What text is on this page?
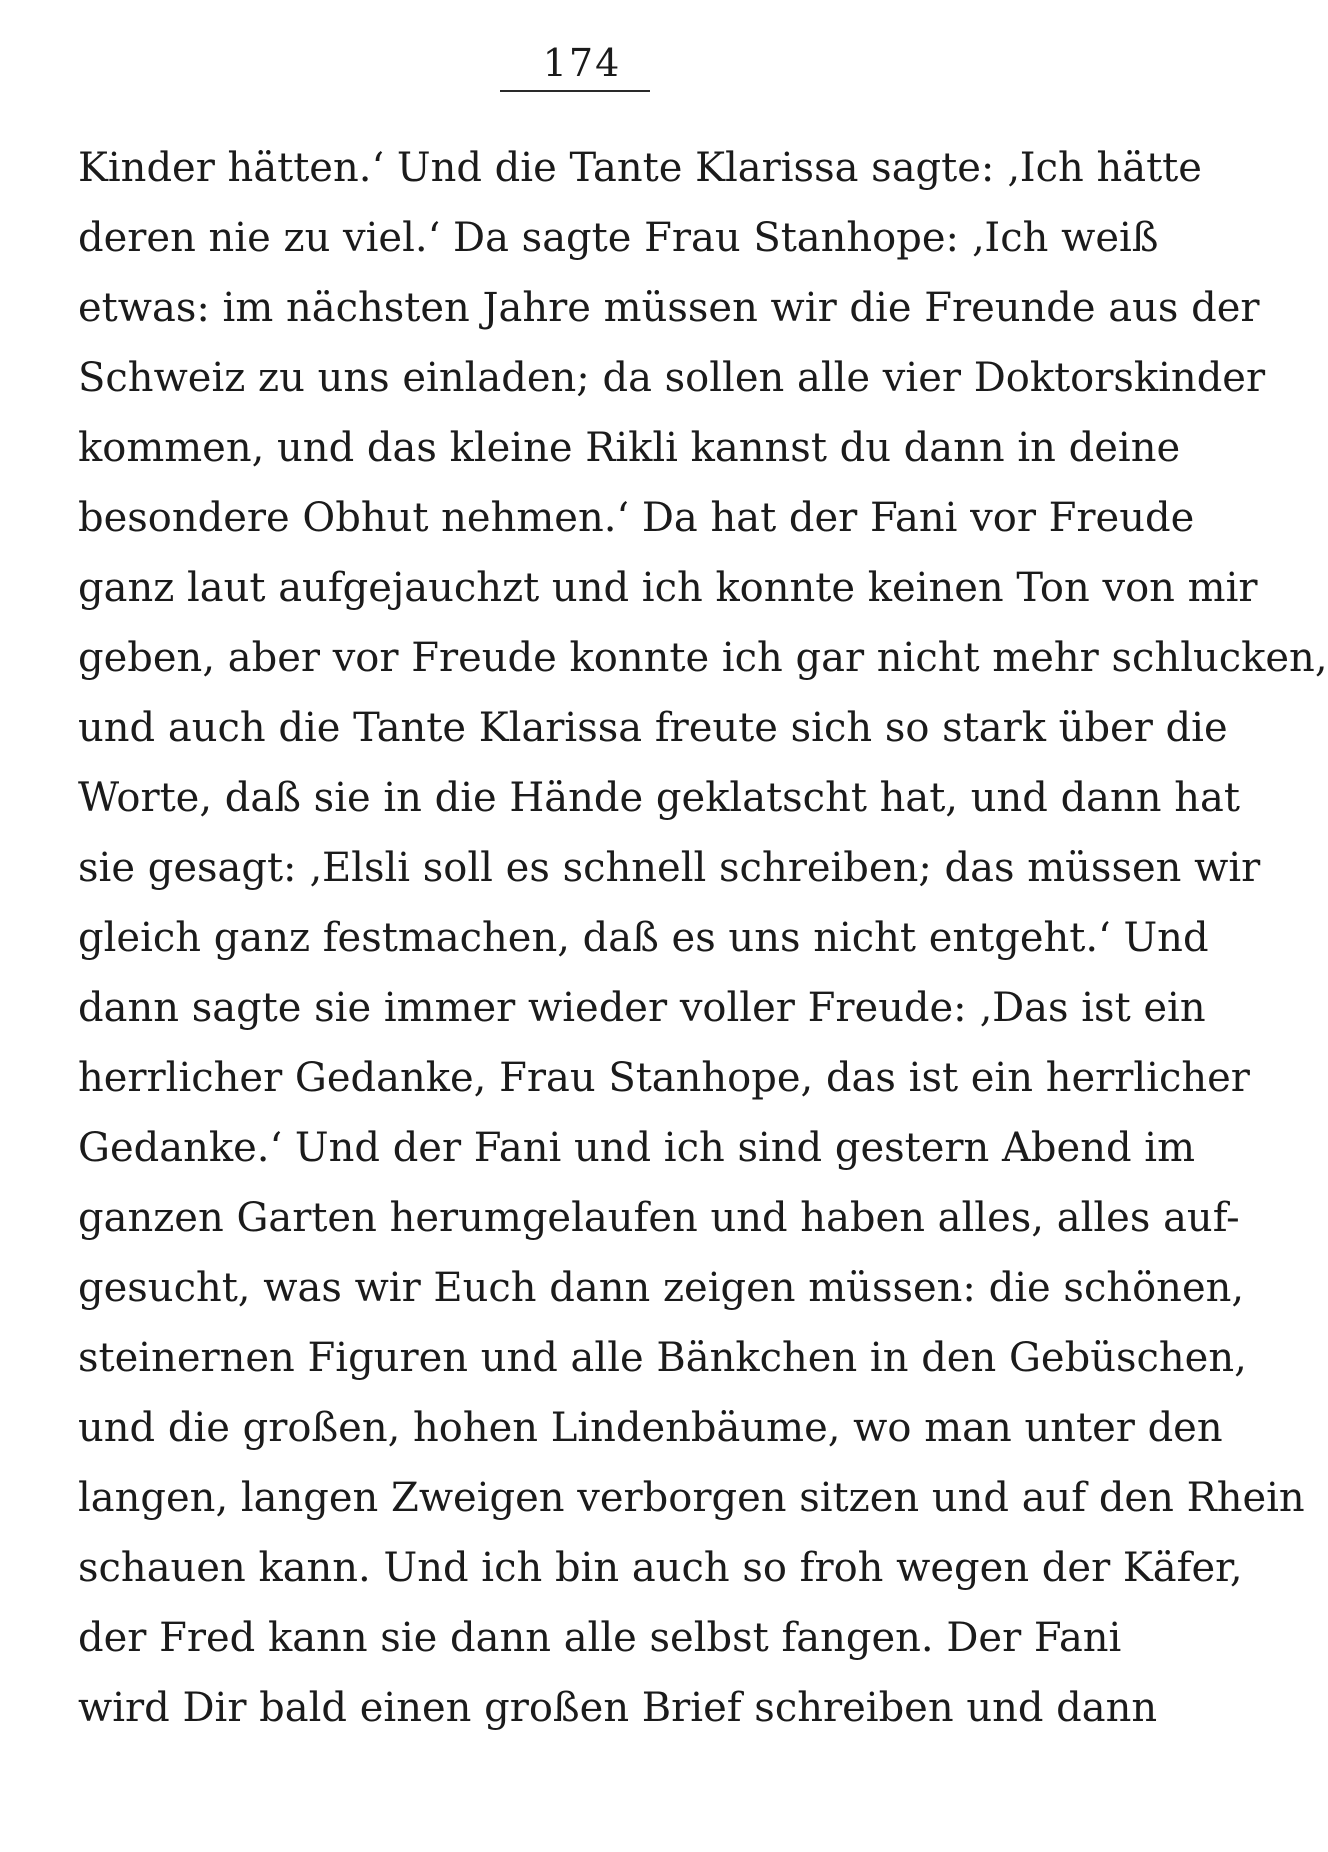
174
Kinder hätten.‘ Und die Tante Klarissa sagte: ‚Ich hätte
deren nie zu viel.‘ Da sagte Frau Stanhope: ‚Ich weiß
etwas: im nächsten Jahre müssen wir die Freunde aus der
Schweiz zu uns einladen; da sollen alle vier Doktorskinder
kommen, und das kleine Rikli kannst du dann in deine
besondere Obhut nehmen.‘ Da hat der Fani vor Freude
ganz laut aufgejauchzt und ich konnte keinen Ton von mir
geben, aber vor Freude konnte ich gar nicht mehr schlucken,
und auch die Tante Klarissa freute sich so stark über die
Worte, daß sie in die Hände geklatscht hat, und dann hat
sie gesagt: ‚Elsli soll es schnell schreiben; das müssen wir
gleich ganz festmachen, daß es uns nicht entgeht.‘ Und
dann sagte sie immer wieder voller Freude: ‚Das ist ein
herrlicher Gedanke, Frau Stanhope, das ist ein herrlicher
Gedanke.‘ Und der Fani und ich sind gestern Abend im
ganzen Garten herumgelaufen und haben alles, alles auf-
gesucht, was wir Euch dann zeigen müssen: die schönen,
steinernen Figuren und alle Bänkchen in den Gebüschen,
und die großen, hohen Lindenbäume, wo man unter den
langen, langen Zweigen verborgen sitzen und auf den Rhein
schauen kann. Und ich bin auch so froh wegen der Käfer,
der Fred kann sie dann alle selbst fangen. Der Fani
wird Dir bald einen großen Brief schreiben und dann
